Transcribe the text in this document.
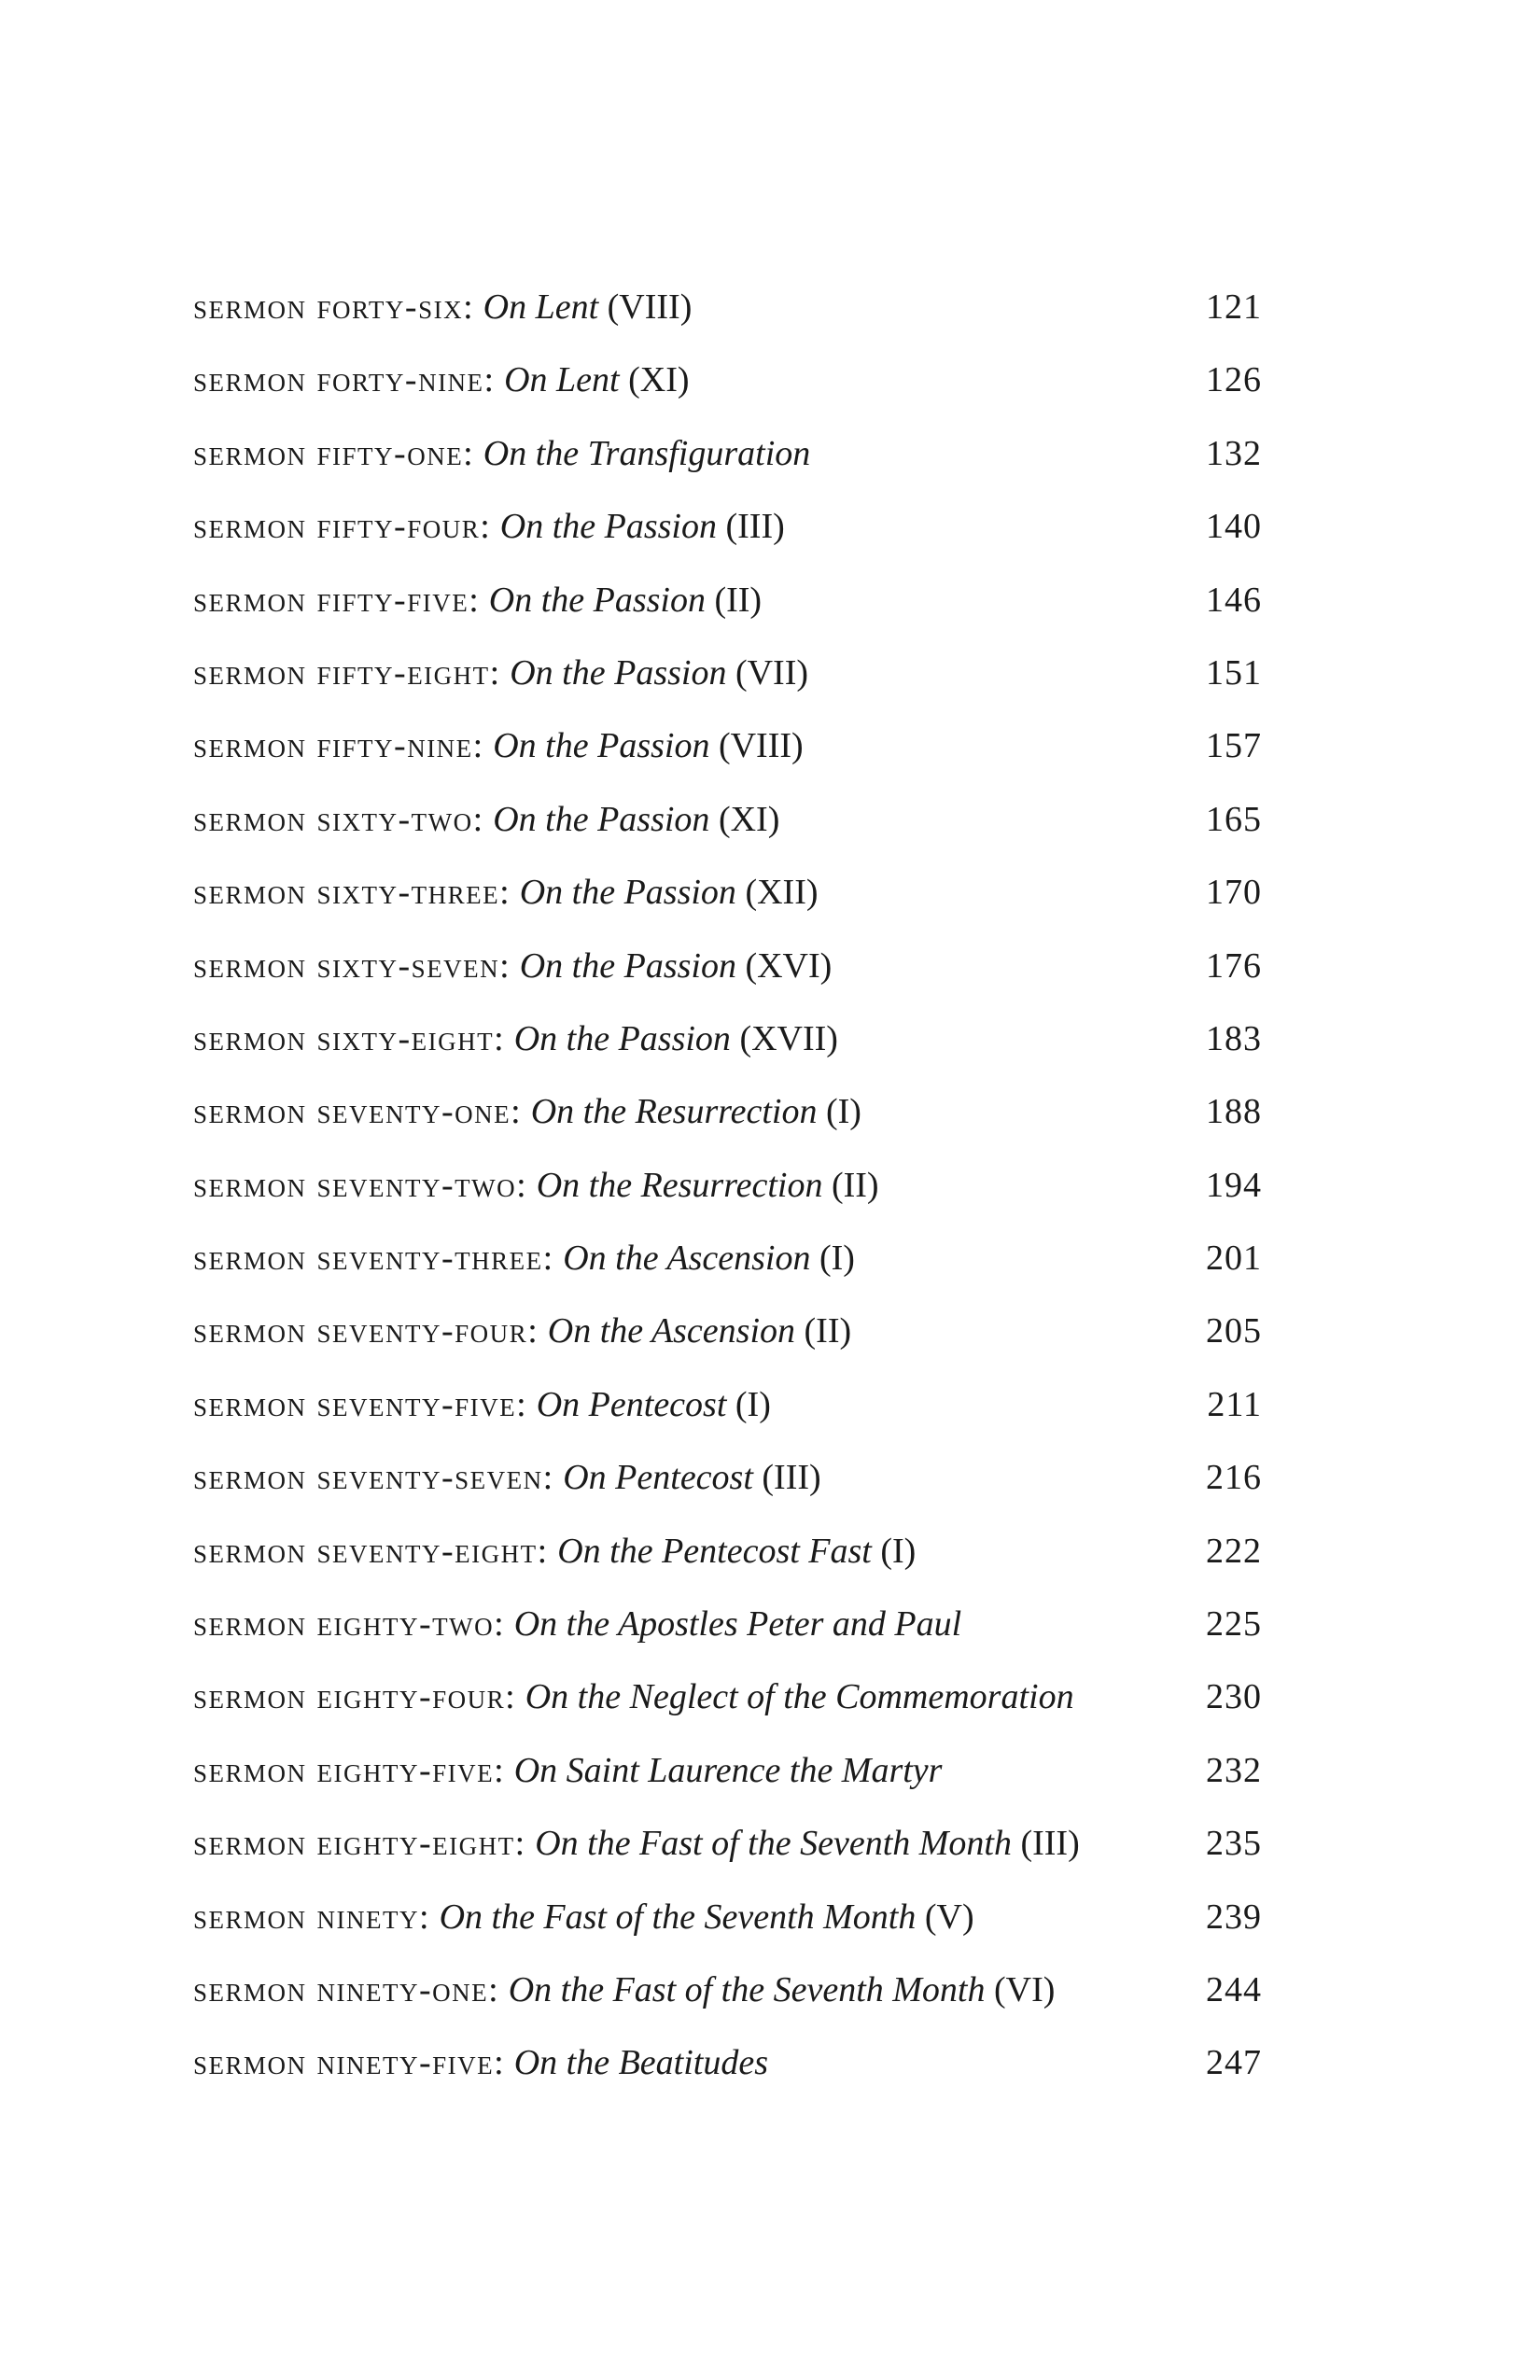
sermon forty-six: On Lent (VIII)	121
sermon forty-nine: On Lent (XI)	126
sermon fifty-one: On the Transfiguration	132
sermon fifty-four: On the Passion (III)	140
sermon fifty-five: On the Passion (II)	146
sermon fifty-eight: On the Passion (VII)	151
sermon fifty-nine: On the Passion (VIII)	157
sermon sixty-two: On the Passion (XI)	165
sermon sixty-three: On the Passion (XII)	170
sermon sixty-seven: On the Passion (XVI)	176
sermon sixty-eight: On the Passion (XVII)	183
sermon seventy-one: On the Resurrection (I)	188
sermon seventy-two: On the Resurrection (II)	194
sermon seventy-three: On the Ascension (I)	201
sermon seventy-four: On the Ascension (II)	205
sermon seventy-five: On Pentecost (I)	211
sermon seventy-seven: On Pentecost (III)	216
sermon seventy-eight: On the Pentecost Fast (I)	222
sermon eighty-two: On the Apostles Peter and Paul	225
sermon eighty-four: On the Neglect of the Commemoration	230
sermon eighty-five: On Saint Laurence the Martyr	232
sermon eighty-eight: On the Fast of the Seventh Month (III)	235
sermon ninety: On the Fast of the Seventh Month (V)	239
sermon ninety-one: On the Fast of the Seventh Month (VI)	244
sermon ninety-five: On the Beatitudes	247
